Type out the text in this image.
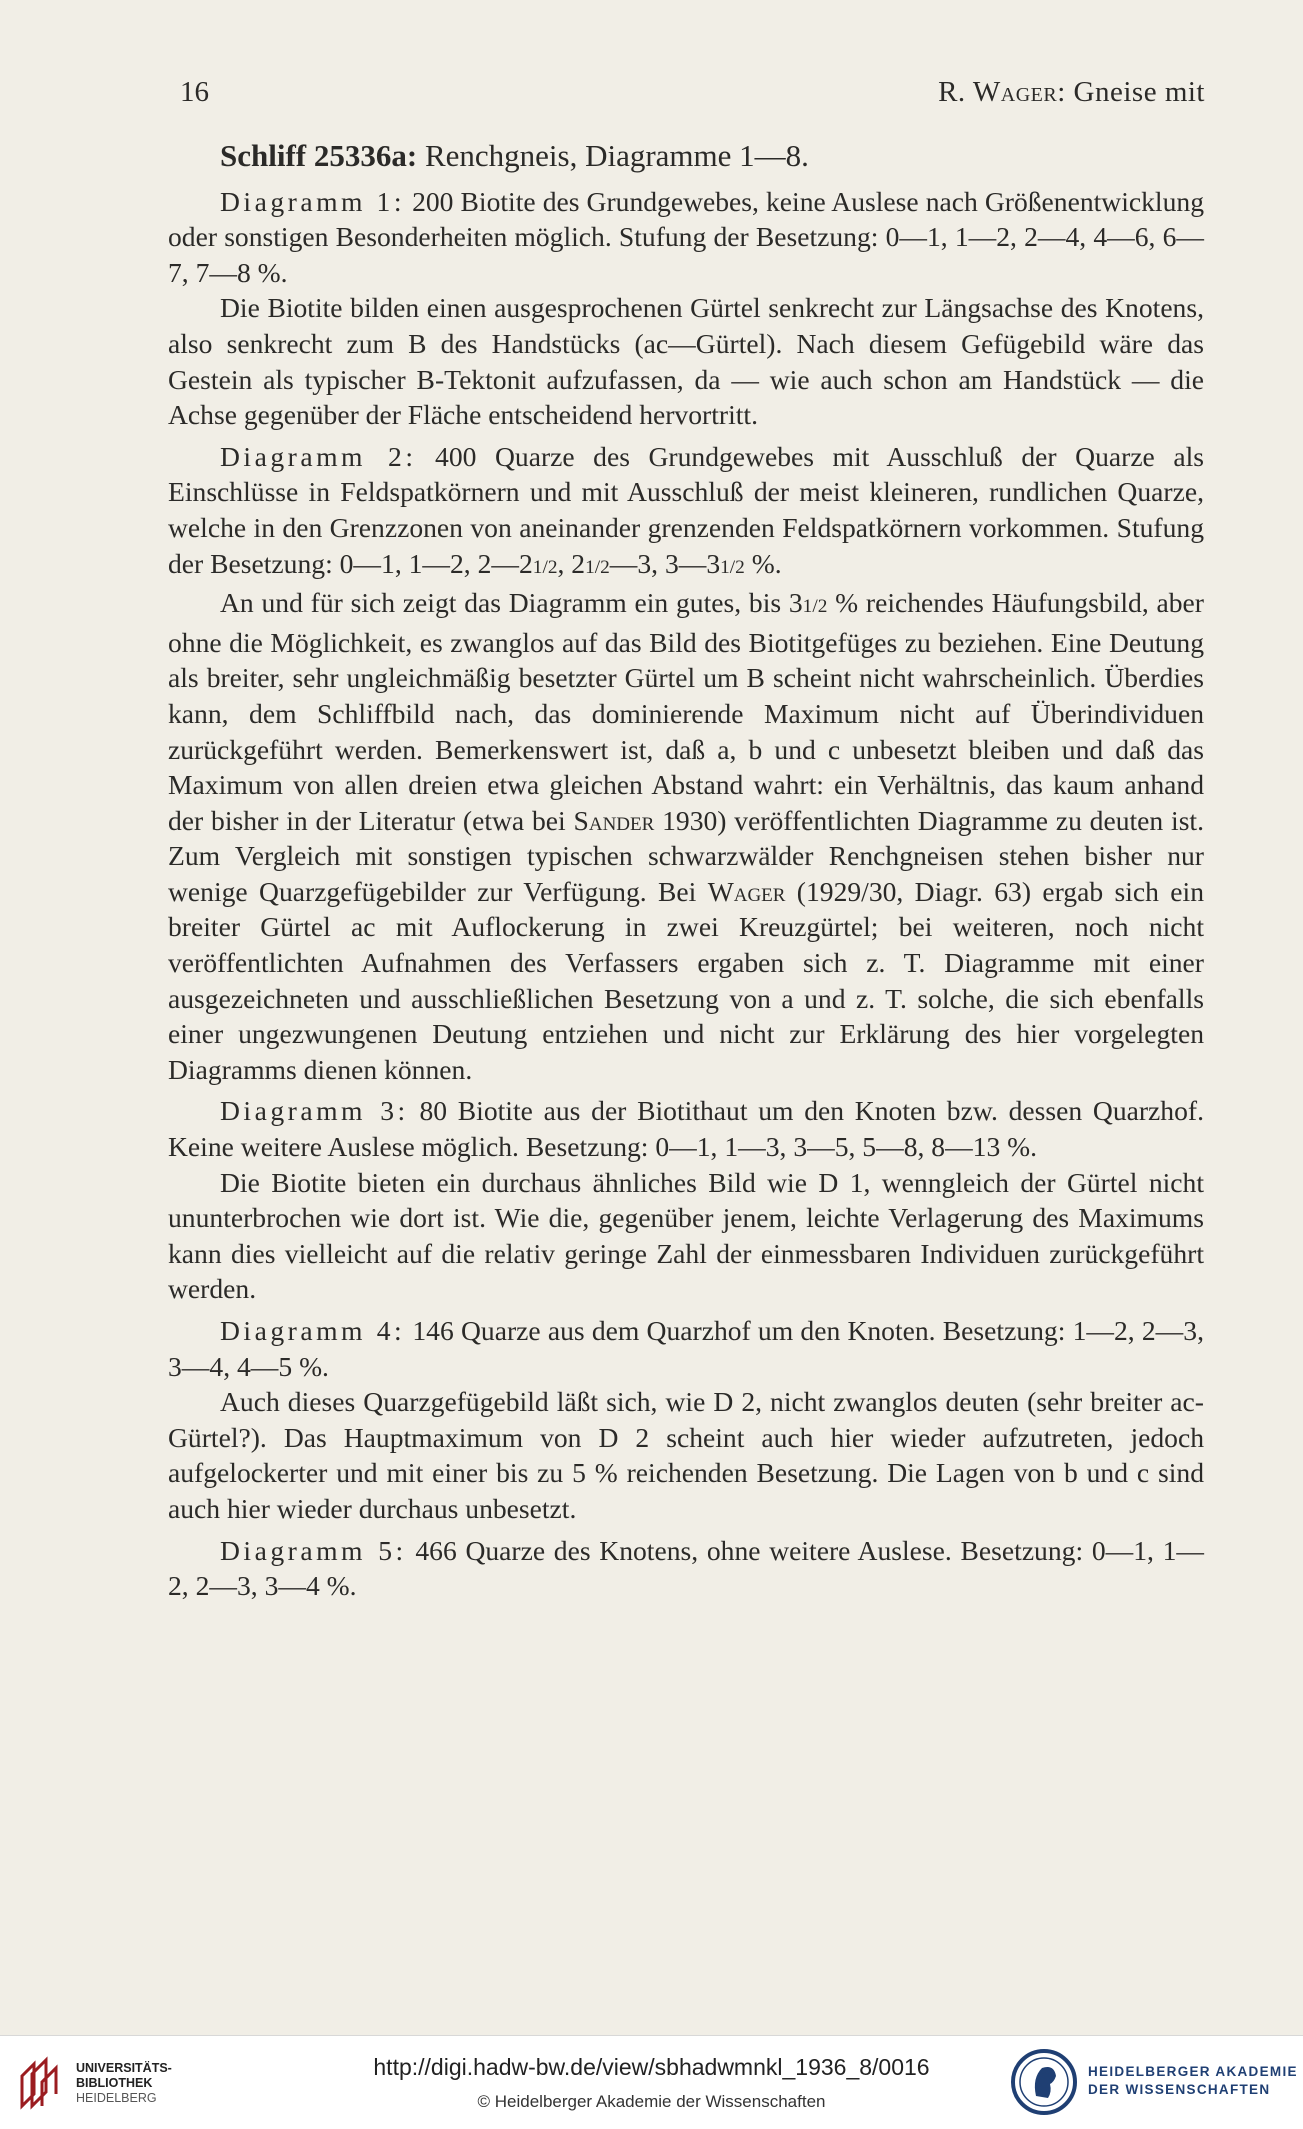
16	R. Wager: Gneise mit

Schliff 25336a: Renchgneis, Diagramme 1—8.

Diagramm 1: 200 Biotite des Grundgewebes, keine Auslese nach Größenentwicklung oder sonstigen Besonderheiten möglich. Stufung der Besetzung: 0—1, 1—2, 2—4, 4—6, 6—7, 7—8 %.

Die Biotite bilden einen ausgesprochenen Gürtel senkrecht zur Längsachse des Knotens, also senkrecht zum B des Handstücks (ac—Gürtel). Nach diesem Gefügebild wäre das Gestein als typischer B-Tektonit aufzufassen, da — wie auch schon am Handstück — die Achse gegenüber der Fläche entscheidend hervortritt.

Diagramm 2: 400 Quarze des Grundgewebes mit Ausschluß der Quarze als Einschlüsse in Feldspatkörnern und mit Ausschluß der meist kleineren, rundlichen Quarze, welche in den Grenzzonen von aneinander grenzenden Feldspatkörnern vorkommen. Stufung der Besetzung: 0—1, 1—2, 2—21/2, 21/2—3, 3—31/2 %.

An und für sich zeigt das Diagramm ein gutes, bis 31/2 % reichendes Häufungsbild, aber ohne die Möglichkeit, es zwanglos auf das Bild des Biotitgefüges zu beziehen. Eine Deutung als breiter, sehr ungleichmäßig besetzter Gürtel um B scheint nicht wahrscheinlich. Überdies kann, dem Schliffbild nach, das dominierende Maximum nicht auf Überindividuen zurückgeführt werden. Bemerkenswert ist, daß a, b und c unbesetzt bleiben und daß das Maximum von allen dreien etwa gleichen Abstand wahrt: ein Verhältnis, das kaum anhand der bisher in der Literatur (etwa bei Sander 1930) veröffentlichten Diagramme zu deuten ist. Zum Vergleich mit sonstigen typischen schwarzwälder Renchgneisen stehen bisher nur wenige Quarzgefügebilder zur Verfügung. Bei Wager (1929/30, Diagr. 63) ergab sich ein breiter Gürtel ac mit Auflockerung in zwei Kreuzgürtel; bei weiteren, noch nicht veröffentlichten Aufnahmen des Verfassers ergaben sich z. T. Diagramme mit einer ausgezeichneten und ausschließlichen Besetzung von a und z. T. solche, die sich ebenfalls einer ungezwungenen Deutung entziehen und nicht zur Erklärung des hier vorgelegten Diagramms dienen können.

Diagramm 3: 80 Biotite aus der Biotithaut um den Knoten bzw. dessen Quarzhof. Keine weitere Auslese möglich. Besetzung: 0—1, 1—3, 3—5, 5—8, 8—13 %.

Die Biotite bieten ein durchaus ähnliches Bild wie D 1, wenngleich der Gürtel nicht ununterbrochen wie dort ist. Wie die, gegenüber jenem, leichte Verlagerung des Maximums kann dies vielleicht auf die relativ geringe Zahl der einmessbaren Individuen zurückgeführt werden.

Diagramm 4: 146 Quarze aus dem Quarzhof um den Knoten. Besetzung: 1—2, 2—3, 3—4, 4—5 %.

Auch dieses Quarzgefügebild läßt sich, wie D 2, nicht zwanglos deuten (sehr breiter ac-Gürtel?). Das Hauptmaximum von D 2 scheint auch hier wieder aufzutreten, jedoch aufgelockerter und mit einer bis zu 5 % reichenden Besetzung. Die Lagen von b und c sind auch hier wieder durchaus unbesetzt.

Diagramm 5: 466 Quarze des Knotens, ohne weitere Auslese. Besetzung: 0—1, 1—2, 2—3, 3—4 %.

UNIVERSITÄTS-
BIBLIOTHEK
HEIDELBERG
http://digi.hadw-bw.de/view/sbhadwmnkl_1936_8/0016
© Heidelberger Akademie der Wissenschaften
HEIDELBERGER AKADEMIE
DER WISSENSCHAFTEN
